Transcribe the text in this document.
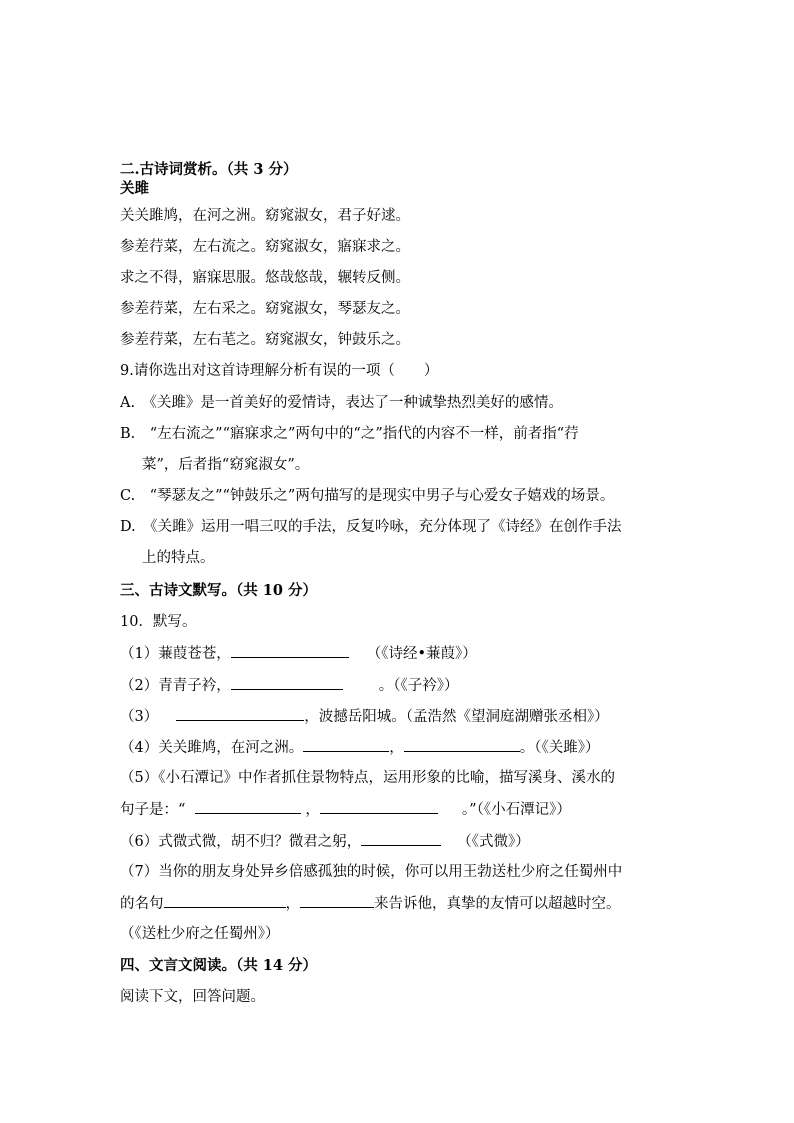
二.古诗词赏析。（共 3 分）
关雎
关关雎鸠，在河之洲。窈窕淑女，君子好逑。
参差荇菜，左右流之。窈窕淑女，寤寐求之。
求之不得，寤寐思服。悠哉悠哉，辗转反侧。
参差荇菜，左右采之。窈窕淑女，琴瑟友之。
参差荇菜，左右芼之。窈窕淑女，钟鼓乐之。
9.请你选出对这首诗理解分析有误的一项（　　）
A.　《关雎》是一首美好的爱情诗，表达了一种诚挚热烈美好的感情。
B.　“左右流之”“寤寐求之”两句中的“之”指代的内容不一样，前者指“荇
菜”，后者指“窈窕淑女”。
C.　“琴瑟友之”“钟鼓乐之”两句描写的是现实中男子与心爱女子嬉戏的场景。
D.　《关雎》运用一唱三叹的手法，反复吟咏，充分体现了《诗经》在创作手法
上的特点。
三、古诗文默写。（共 10 分）
10．默写。
（1）蒹葭苍苍，	（《诗经•蒹葭》）
（2）青青子衿，	。（《子衿》）
（3）	，波撼岳阳城。（孟浩然《望洞庭湖赠张丞相》）
（4）关关雎鸠，在河之洲。	，	。（《关雎》）
（5）《小石潭记》中作者抓住景物特点，运用形象的比喻，描写溪身、溪水的
句子是：“	，	。”（《小石潭记》）
（6）式微式微，胡不归？微君之躬，	（《式微》）
（7）当你的朋友身处异乡倍感孤独的时候，你可以用王勃送杜少府之任蜀州中
的名句	，	来告诉他，真挚的友情可以超越时空。
（《送杜少府之任蜀州》）
四、文言文阅读。（共 14 分）
阅读下文，回答问题。
